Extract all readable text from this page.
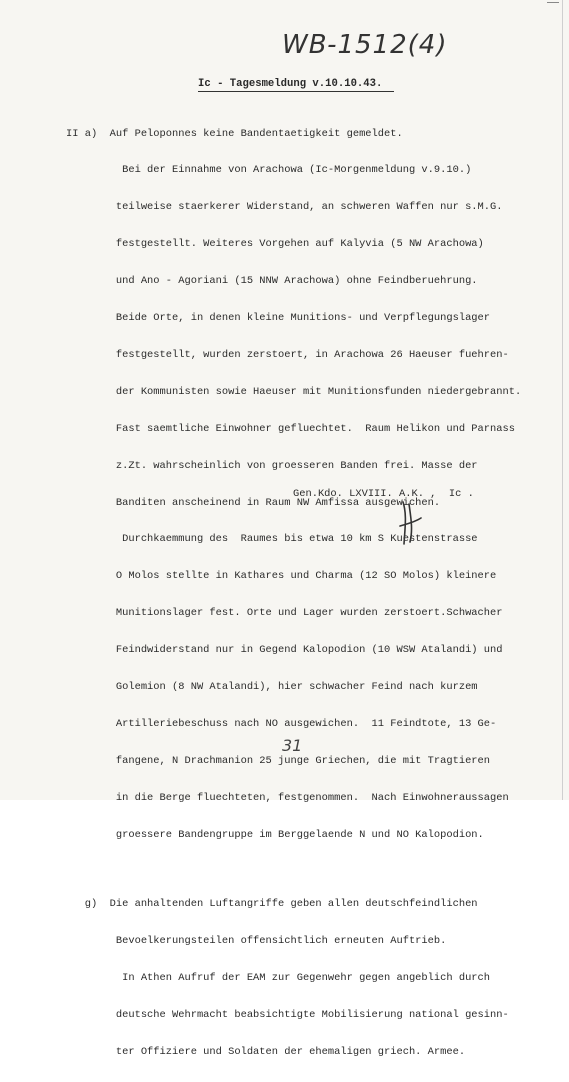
WB-1512(4)
Ic - Tagesmeldung v.10.10.43.

II a)  Auf Peloponnes keine Bandentaetigkeit gemeldet.

Bei der Einnahme von Arachowa (Ic-Morgenmeldung v.9.10.)

teilweise staerkerer Widerstand, an schweren Waffen nur s.M.G.

festgestellt. Weiteres Vorgehen auf Kalyvia (5 NW Arachowa)

und Ano - Agoriani (15 NNW Arachowa) ohne Feindberuehrung.

Beide Orte, in denen kleine Munitions- und Verpflegungslager

festgestellt, wurden zerstoert, in Arachowa 26 Haeuser fuehren-

der Kommunisten sowie Haeuser mit Munitionsfunden niedergebrannt.

Fast saemtliche Einwohner gefluechtet.  Raum Helikon und Parnass

z.Zt. wahrscheinlich von groesseren Banden frei. Masse der

Banditen anscheinend in Raum NW Amfissa ausgewichen.

Durchkaemmung des  Raumes bis etwa 10 km S Kuestenstrasse

O Molos stellte in Kathares und Charma (12 SO Molos) kleinere

Munitionslager fest. Orte und Lager wurden zerstoert.Schwacher

Feindwiderstand nur in Gegend Kalopodion (10 WSW Atalandi) und

Golemion (8 NW Atalandi), hier schwacher Feind nach kurzem

Artilleriebeschuss nach NO ausgewichen.  11 Feindtote, 13 Ge-

fangene, N Drachmanion 25 junge Griechen, die mit Tragtieren

in die Berge fluechteten, festgenommen.  Nach Einwohneraussagen

groessere Bandengruppe im Berggelaende N und NO Kalopodion.

g)  Die anhaltenden Luftangriffe geben allen deutschfeindlichen

Bevoelkerungsteilen offensichtlich erneuten Auftrieb.

In Athen Aufruf der EAM zur Gegenwehr gegen angeblich durch

deutsche Wehrmacht beabsichtigte Mobilisierung national gesinn-

ter Offiziere und Soldaten der ehemaligen griech. Armee.

Gen.Kdo. LXVIII. A.K. ,  Ic .
31
